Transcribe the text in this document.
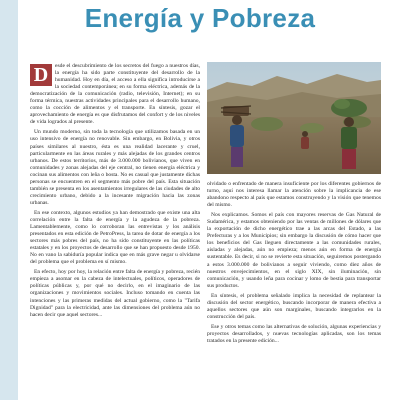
Energía y Pobreza

D	esde el descubrimiento de los secretos del fuego a nuestros días, la energía ha sido parte constituyente del desarrollo de la humanidad. Hoy en día, el acceso a ella significa introducirse a la sociedad contemporánea; en su forma eléctrica, además de la democratización de la comunicación (radio, televisión, Internet); en su forma térmica, nuestras actividades principales para el desarrollo humano, como la cocción de alimentos y el transporte. En síntesis, gozar el aprovechamiento de energía es que disfrutamos del confort y de los niveles de vida logrados al presente.

Un mundo moderno, sin toda la tecnología que utilizamos basada en un uso intensivo de energía no renovable. Sin embargo, en Bolivia, y otros países similares al nuestro, ésta es una realidad lacerante y cruel, particularmente en las áreas rurales y más alejadas de los grandes centros urbanos. De estos territorios, más de 3.000.000 bolivianos, que viven en comunidades y zonas alejadas del eje central, no tienen energía eléctrica y cocinan sus alimentos con leña o bosta. No es casual que justamente dichas personas se encuentren en el segmento más pobre del país. Esta situación también se presenta en los asentamientos irregulares de las ciudades de alto crecimiento urbano, debido a la incesante migración hacia las zonas urbanas.

En ese contexto, algunos estudios ya han demostrado que existe una alta correlación entre la falta de energía y la agudeza de la pobreza. Lamentablemente, como lo corroboran las entrevistas y los análisis presentados en esta edición de PetroPress, la tarea de dotar de energía a los sectores más pobres del país, no ha sido constituyente en las políticas estatales y en los proyectos de desarrollo que se han propuesto desde 1950. No en vano la sabiduría popular indica que en más grave negar u olvidarse del problema que el problema en sí mismo.

En efecto, hoy por hoy, la relación entre falta de energía y pobreza, recién empieza a asomar en la cabeza de intelectuales, políticos, operadores de políticas públicas y, por qué no decirlo, en el imaginario de las organizaciones y movimientos sociales. Incluso tomando en cuenta las intenciones y las primeras medidas del actual gobierno, como la "Tarifa Dignidad" para la electricidad, ante las dimensiones del problema aún no hacen decir que aquel sectores...

olvidado o enfrentado de manera insuficiente por los diferentes gobiernos de turno, aquí nos interesa llamar la atención sobre la implicancia de ese abandono respecto al país que estamos construyendo y la visión que tenemos del mismo.

Nos explicamos. Somos el país con mayores reservas de Gas Natural de Sudamérica, y estamos obteniendo por las ventas de millones de dólares que la exportación de dicho energético trae a las arcas del Estado, a las Prefecturas y a los Municipios; sin embargo la discusión de cómo hacer que los beneficios del Gas lleguen directamente a las comunidades rurales, aisladas y alejadas, aún no empieza; menos aún en forma de energía sustentable. Es decir, si no se revierte esta situación, seguiremos postergando a estos 3.000.000 de bolivianos a seguir viviendo, como diez años de nuestros envejecimientos, en el siglo XIX, sin iluminación, sin comunicación, y usando leña para cocinar y lomo de bestia para transportar sus productos.

En síntesis, el problema señalado implica la necesidad de replantear la discusión del sector energético, buscando incorporar de manera efectiva a aquellos sectores que aún son marginales, buscando integrarlos en la construcción del país.

Ese y otros temas como las alternativas de solución, algunas experiencias y proyectos desarrollados, y nuevas tecnologías aplicadas, son los temas tratados en la presente edición...
